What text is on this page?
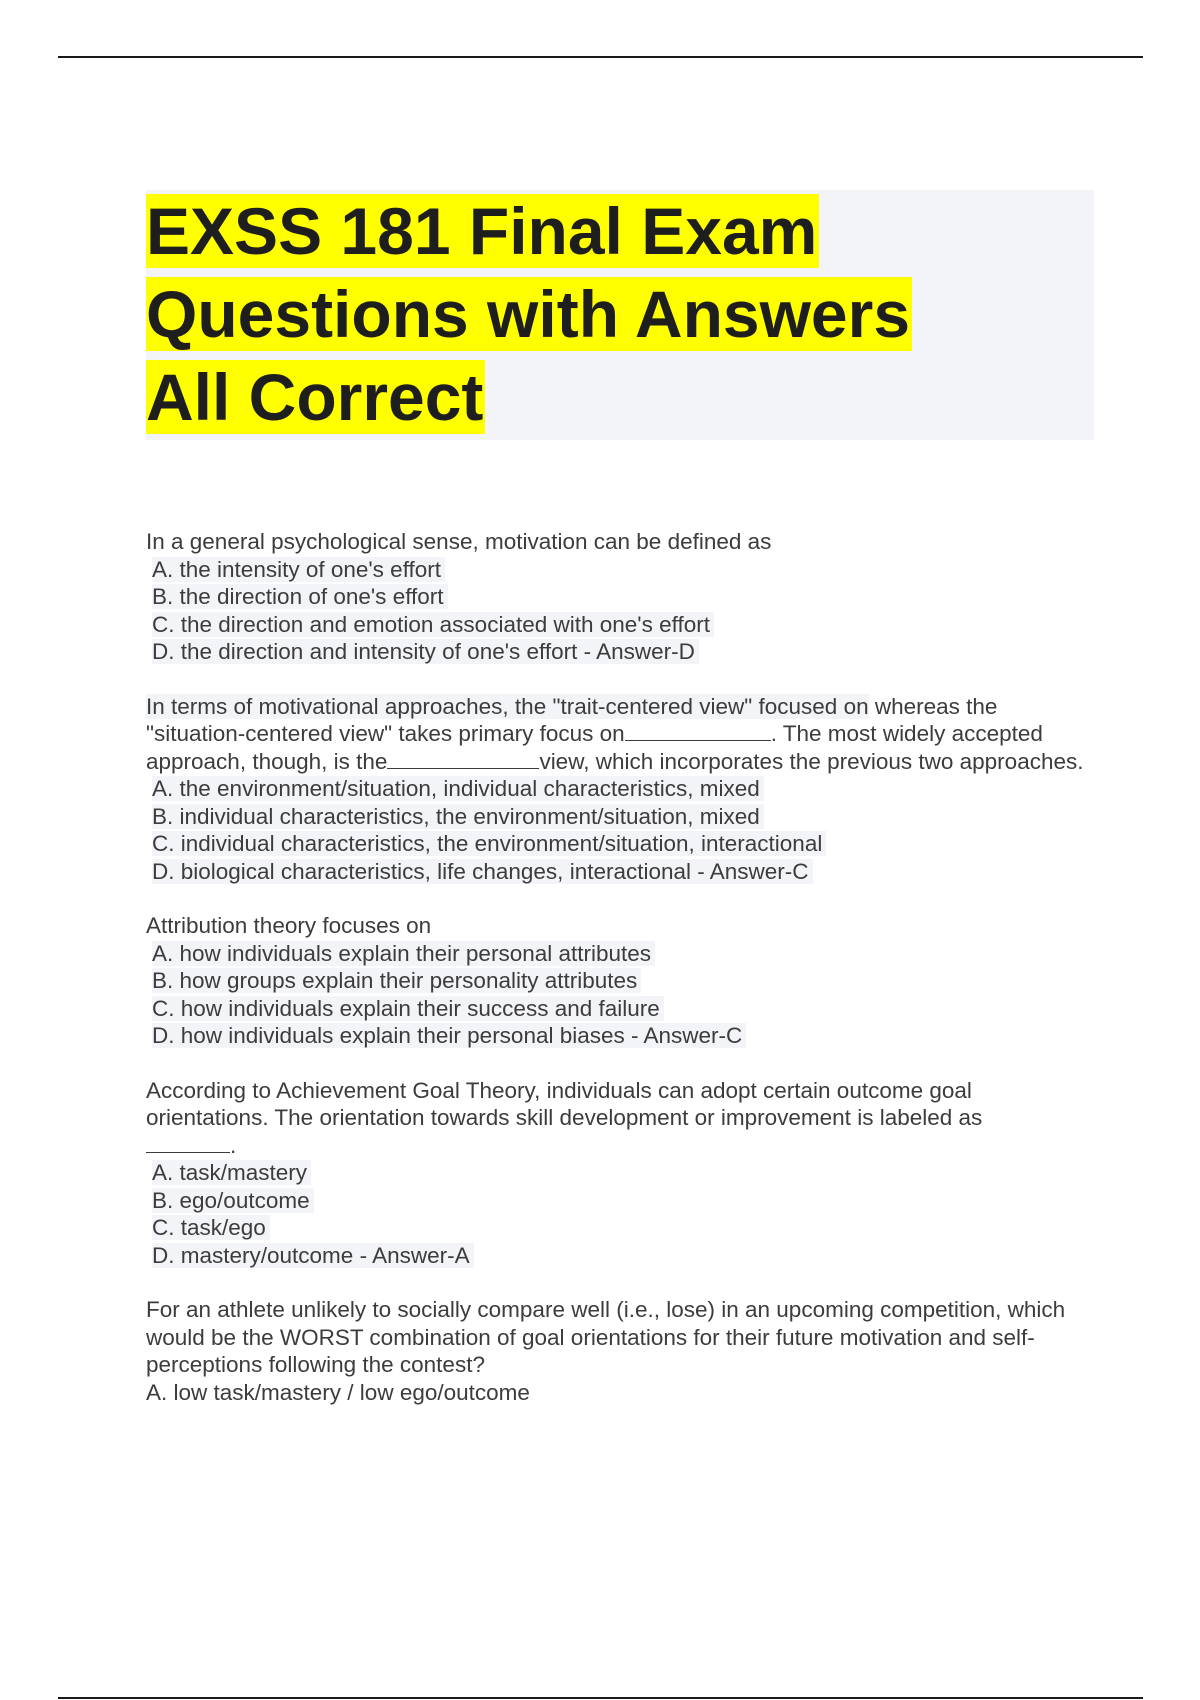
EXSS 181 Final Exam
Questions with Answers
All Correct
In a general psychological sense, motivation can be defined as
A. the intensity of one's effort
B. the direction of one's effort
C. the direction and emotion associated with one's effort
D. the direction and intensity of one's effort - Answer-D
In terms of motivational approaches, the "trait-centered view" focused on whereas the "situation-centered view" takes primary focus on	. The most widely accepted approach, though, is the	view, which incorporates the previous two approaches.
A. the environment/situation, individual characteristics, mixed
B. individual characteristics, the environment/situation, mixed
C. individual characteristics, the environment/situation, interactional
D. biological characteristics, life changes, interactional - Answer-C
Attribution theory focuses on
A. how individuals explain their personal attributes
B. how groups explain their personality attributes
C. how individuals explain their success and failure
D. how individuals explain their personal biases - Answer-C
According to Achievement Goal Theory, individuals can adopt certain outcome goal orientations. The orientation towards skill development or improvement is labeled as
.
A. task/mastery
B. ego/outcome
C. task/ego
D. mastery/outcome - Answer-A
For an athlete unlikely to socially compare well (i.e., lose) in an upcoming competition, which would be the WORST combination of goal orientations for their future motivation and self-perceptions following the contest?
A. low task/mastery / low ego/outcome
